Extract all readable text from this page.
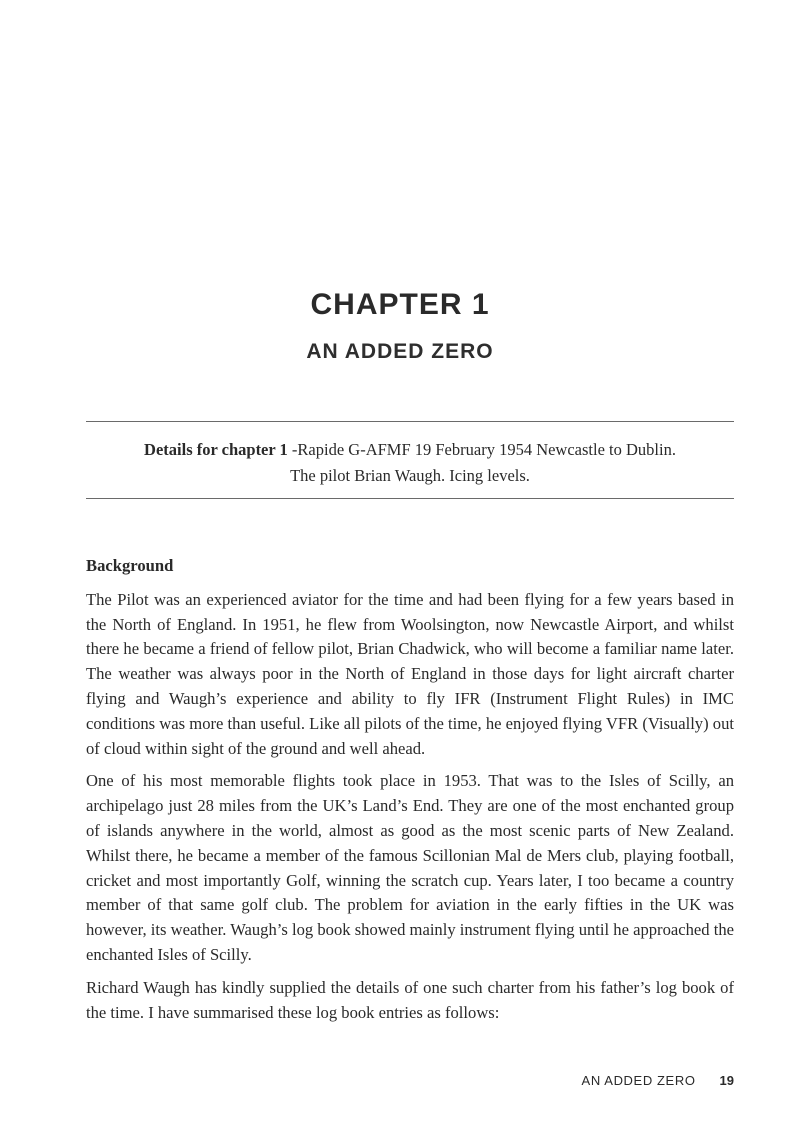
CHAPTER 1
AN ADDED ZERO
Details for chapter 1 -Rapide G-AFMF 19 February 1954 Newcastle to Dublin.
The pilot Brian Waugh. Icing levels.

Background

The Pilot was an experienced aviator for the time and had been flying for a few years based in the North of England. In 1951, he flew from Woolsington, now Newcastle Airport, and whilst there he became a friend of fellow pilot, Brian Chadwick, who will become a familiar name later. The weather was always poor in the North of England in those days for light aircraft charter flying and Waugh’s experience and ability to fly IFR (Instrument Flight Rules) in IMC conditions was more than useful. Like all pilots of the time, he enjoyed flying VFR (Visually) out of cloud within sight of the ground and well ahead.

One of his most memorable flights took place in 1953. That was to the Isles of Scilly, an archipelago just 28 miles from the UK’s Land’s End. They are one of the most enchanted group of islands anywhere in the world, almost as good as the most scenic parts of New Zealand. Whilst there, he became a member of the famous Scillonian Mal de Mers club, playing football, cricket and most importantly Golf, winning the scratch cup. Years later, I too became a country member of that same golf club. The problem for aviation in the early fifties in the UK was however, its weather. Waugh’s log book showed mainly instrument flying until he approached the enchanted Isles of Scilly.

Richard Waugh has kindly supplied the details of one such charter from his father’s log book of the time. I have summarised these log book entries as follows:

AN ADDED ZERO 19
